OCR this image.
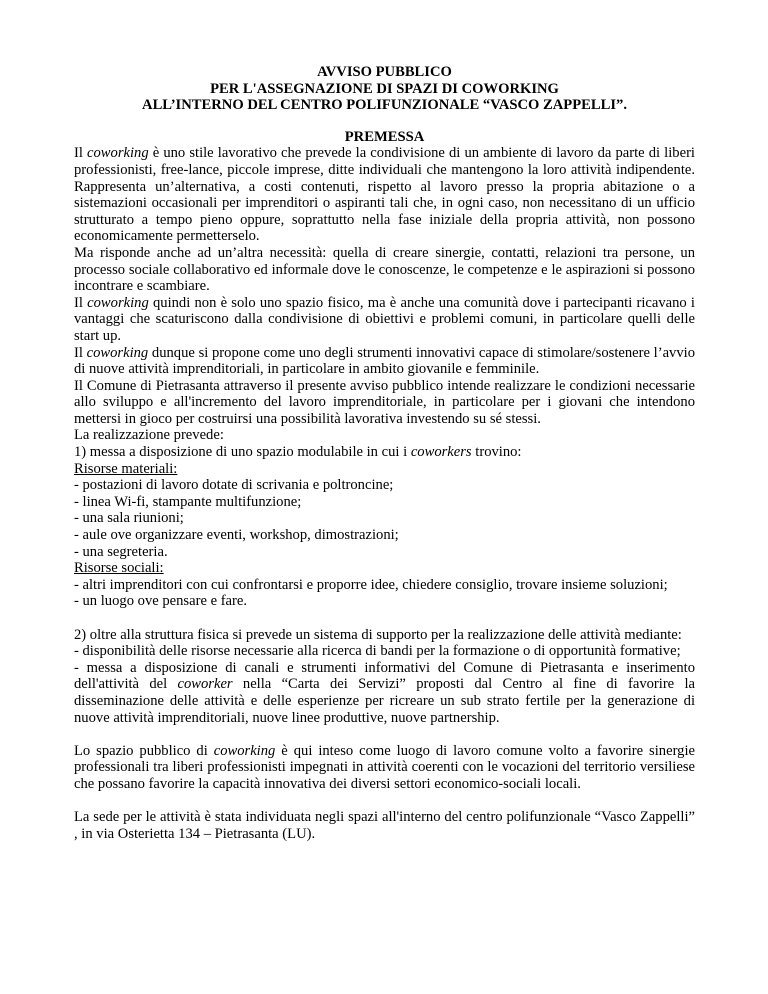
AVVISO PUBBLICO
PER L'ASSEGNAZIONE DI SPAZI DI COWORKING
ALL’INTERNO DEL CENTRO POLIFUNZIONALE “VASCO ZAPPELLI”.
PREMESSA

Il coworking è uno stile lavorativo che prevede la condivisione di un ambiente di lavoro da parte di liberi professionisti, free-lance, piccole imprese, ditte individuali che mantengono la loro attività indipendente. Rappresenta un’alternativa, a costi contenuti, rispetto al lavoro presso la propria abitazione o a sistemazioni occasionali per imprenditori o aspiranti tali che, in ogni caso, non necessitano di un ufficio strutturato a tempo pieno oppure, soprattutto nella fase iniziale della propria attività, non possono economicamente permetterselo.

Ma risponde anche ad un’altra necessità: quella di creare sinergie, contatti, relazioni tra persone, un processo sociale collaborativo ed informale dove le conoscenze, le competenze e le aspirazioni si possono incontrare e scambiare.

Il coworking quindi non è solo uno spazio fisico, ma è anche una comunità dove i partecipanti ricavano i vantaggi che scaturiscono dalla condivisione di obiettivi e problemi comuni, in particolare quelli delle start up.

Il coworking dunque si propone come uno degli strumenti innovativi capace di stimolare/sostenere l’avvio di nuove attività imprenditoriali, in particolare in ambito giovanile e femminile.

Il Comune di Pietrasanta attraverso il presente avviso pubblico intende realizzare le condizioni necessarie allo sviluppo e all'incremento del lavoro imprenditoriale, in particolare per i giovani che intendono mettersi in gioco per costruirsi una possibilità lavorativa investendo su sé stessi.

La realizzazione prevede:

1) messa a disposizione di uno spazio modulabile in cui i coworkers trovino:

Risorse materiali:

- postazioni di lavoro dotate di scrivania e poltroncine;

- linea Wi-fi, stampante multifunzione;

- una sala riunioni;

- aule ove organizzare eventi, workshop, dimostrazioni;

- una segreteria.

Risorse sociali:

- altri imprenditori con cui confrontarsi e proporre idee, chiedere consiglio, trovare insieme soluzioni;

- un luogo ove pensare e fare.

2) oltre alla struttura fisica si prevede un sistema di supporto per la realizzazione delle attività mediante:

- disponibilità delle risorse necessarie alla ricerca di bandi per la formazione o di opportunità formative;

- messa a disposizione di canali e strumenti informativi del Comune di Pietrasanta e inserimento dell'attività del coworker nella “Carta dei Servizi” proposti dal Centro al fine di favorire la disseminazione delle attività e delle esperienze per ricreare un sub strato fertile per la generazione di nuove attività imprenditoriali, nuove linee produttive, nuove partnership.

Lo spazio pubblico di coworking è qui inteso come luogo di lavoro comune volto a favorire sinergie professionali tra liberi professionisti impegnati in attività coerenti con le vocazioni del territorio versiliese che possano favorire la capacità innovativa dei diversi settori economico-sociali locali.

La sede per le attività è stata individuata negli spazi all'interno del centro polifunzionale “Vasco Zappelli” , in via Osterietta 134 – Pietrasanta (LU).
